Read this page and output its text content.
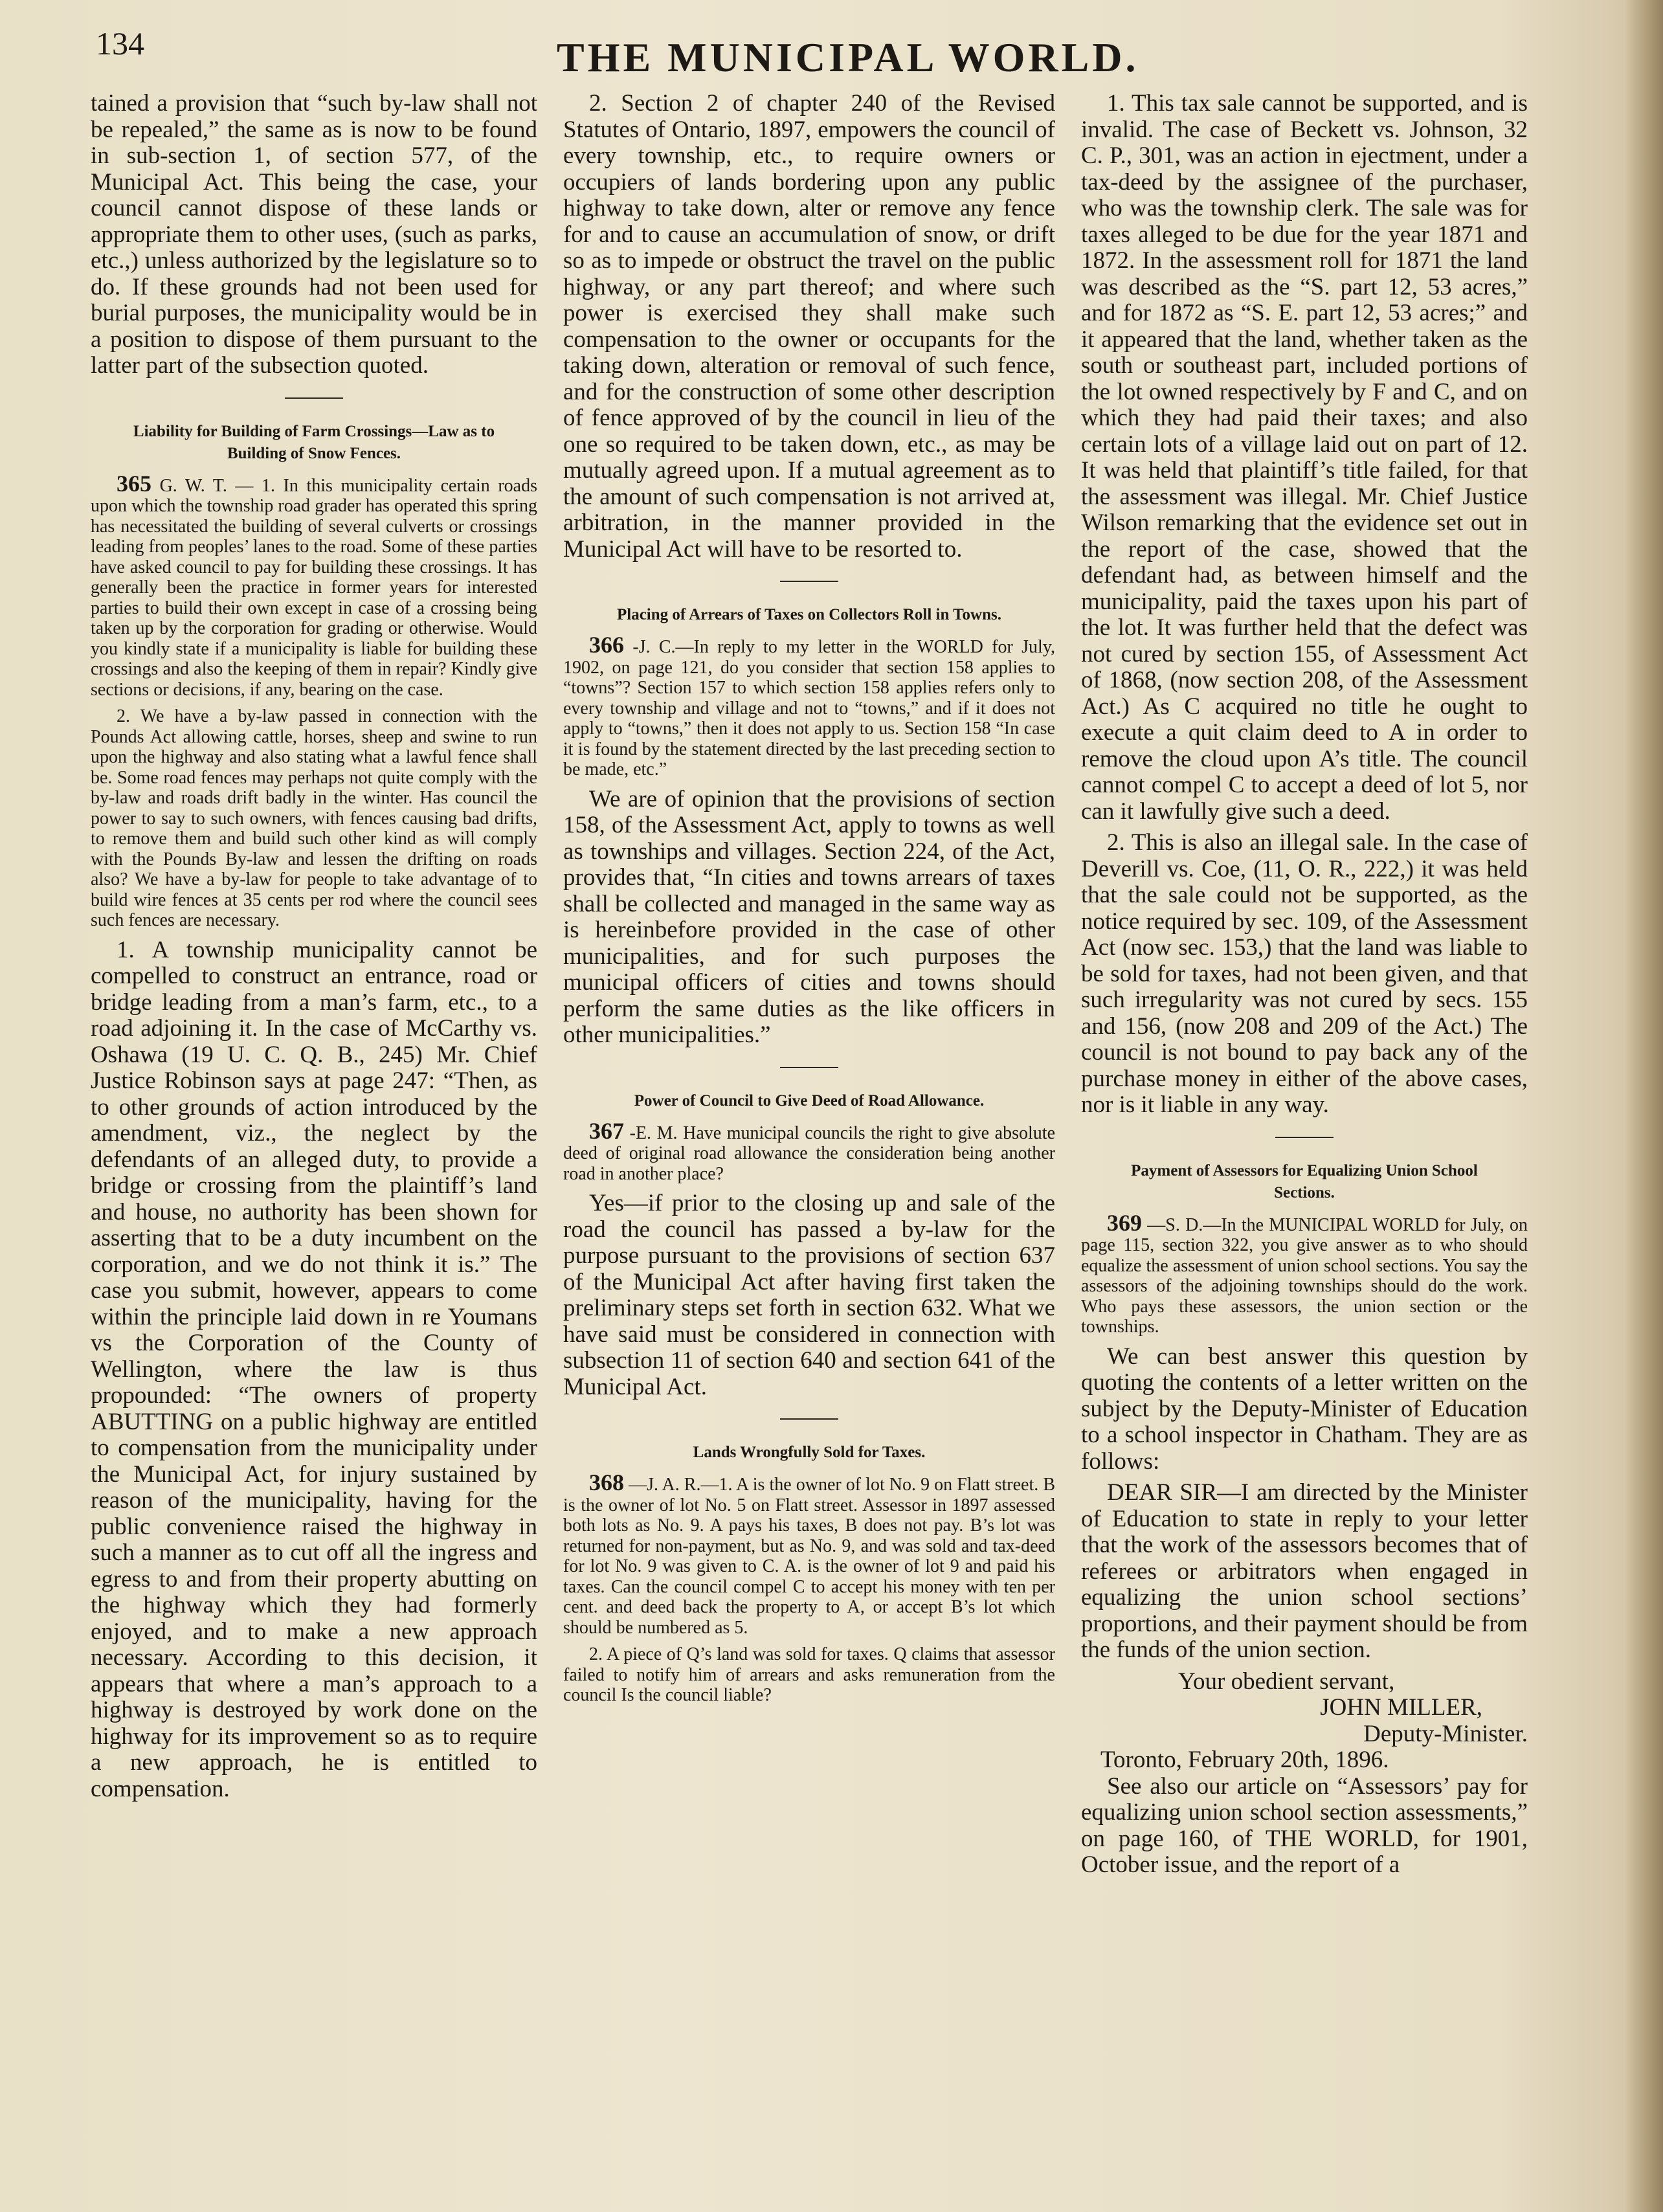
134	THE MUNICIPAL WORLD.

tained a provision that “such by-law shall not be repealed,” the same as is now to be found in sub-section 1, of section 577, of the Municipal Act. This being the case, your council cannot dispose of these lands or appropriate them to other uses, (such as parks, etc.,) unless authorized by the legislature so to do. If these grounds had not been used for burial purposes, the municipality would be in a position to dispose of them pursuant to the latter part of the subsection quoted.

Liability for Building of Farm Crossings—Law as to Building of Snow Fences.

365 G. W. T. — 1. In this municipality certain roads upon which the township road grader has operated this spring has necessitated the building of several culverts or crossings leading from peoples’ lanes to the road. Some of these parties have asked council to pay for building these crossings. It has generally been the practice in former years for interested parties to build their own except in case of a crossing being taken up by the corporation for grading or otherwise. Would you kindly state if a municipality is liable for building these crossings and also the keeping of them in repair? Kindly give sections or decisions, if any, bearing on the case.

2. We have a by-law passed in connection with the Pounds Act allowing cattle, horses, sheep and swine to run upon the highway and also stating what a lawful fence shall be. Some road fences may perhaps not quite comply with the by-law and roads drift badly in the winter. Has council the power to say to such owners, with fences causing bad drifts, to remove them and build such other kind as will comply with the Pounds By-law and lessen the drifting on roads also? We have a by-law for people to take advantage of to build wire fences at 35 cents per rod where the council sees such fences are necessary.

1. A township municipality cannot be compelled to construct an entrance, road or bridge leading from a man’s farm, etc., to a road adjoining it. In the case of McCarthy vs. Oshawa (19 U. C. Q. B., 245) Mr. Chief Justice Robinson says at page 247: “Then, as to other grounds of action introduced by the amendment, viz., the neglect by the defendants of an alleged duty, to provide a bridge or crossing from the plaintiff’s land and house, no authority has been shown for asserting that to be a duty incumbent on the corporation, and we do not think it is.” The case you submit, however, appears to come within the principle laid down in re Youmans vs the Corporation of the County of Wellington, where the law is thus propounded: “The owners of property ABUTTING on a public highway are entitled to compensation from the municipality under the Municipal Act, for injury sustained by reason of the municipality, having for the public convenience raised the highway in such a manner as to cut off all the ingress and egress to and from their property abutting on the highway which they had formerly enjoyed, and to make a new approach necessary. According to this decision, it appears that where a man’s approach to a highway is destroyed by work done on the highway for its improvement so as to require a new approach, he is entitled to compensation.

2. Section 2 of chapter 240 of the Revised Statutes of Ontario, 1897, empowers the council of every township, etc., to require owners or occupiers of lands bordering upon any public highway to take down, alter or remove any fence for and to cause an accumulation of snow, or drift so as to impede or obstruct the travel on the public highway, or any part thereof; and where such power is exercised they shall make such compensation to the owner or occupants for the taking down, alteration or removal of such fence, and for the construction of some other description of fence approved of by the council in lieu of the one so required to be taken down, etc., as may be mutually agreed upon. If a mutual agreement as to the amount of such compensation is not arrived at, arbitration, in the manner provided in the Municipal Act will have to be resorted to.

Placing of Arrears of Taxes on Collectors Roll in Towns.

366 -J. C.—In reply to my letter in the WORLD for July, 1902, on page 121, do you consider that section 158 applies to “towns”? Section 157 to which section 158 applies refers only to every township and village and not to “towns,” and if it does not apply to “towns,” then it does not apply to us. Section 158 “In case it is found by the statement directed by the last preceding section to be made, etc.”

We are of opinion that the provisions of section 158, of the Assessment Act, apply to towns as well as townships and villages. Section 224, of the Act, provides that, “In cities and towns arrears of taxes shall be collected and managed in the same way as is hereinbefore provided in the case of other municipalities, and for such purposes the municipal officers of cities and towns should perform the same duties as the like officers in other municipalities.”

Power of Council to Give Deed of Road Allowance.

367 -E. M. Have municipal councils the right to give absolute deed of original road allowance the consideration being another road in another place?

Yes—if prior to the closing up and sale of the road the council has passed a by-law for the purpose pursuant to the provisions of section 637 of the Municipal Act after having first taken the preliminary steps set forth in section 632. What we have said must be considered in connection with subsection 11 of section 640 and section 641 of the Municipal Act.

Lands Wrongfully Sold for Taxes.

368 —J. A. R.—1. A is the owner of lot No. 9 on Flatt street. B is the owner of lot No. 5 on Flatt street. Assessor in 1897 assessed both lots as No. 9. A pays his taxes, B does not pay. B’s lot was returned for non-payment, but as No. 9, and was sold and tax-deed for lot No. 9 was given to C. A. is the owner of lot 9 and paid his taxes. Can the council compel C to accept his money with ten per cent. and deed back the property to A, or accept B’s lot which should be numbered as 5.

2. A piece of Q’s land was sold for taxes. Q claims that assessor failed to notify him of arrears and asks remuneration from the council Is the council liable?

1. This tax sale cannot be supported, and is invalid. The case of Beckett vs. Johnson, 32 C. P., 301, was an action in ejectment, under a tax-deed by the assignee of the purchaser, who was the township clerk. The sale was for taxes alleged to be due for the year 1871 and 1872. In the assessment roll for 1871 the land was described as the “S. part 12, 53 acres,” and for 1872 as “S. E. part 12, 53 acres;” and it appeared that the land, whether taken as the south or southeast part, included portions of the lot owned respectively by F and C, and on which they had paid their taxes; and also certain lots of a village laid out on part of 12. It was held that plaintiff’s title failed, for that the assessment was illegal. Mr. Chief Justice Wilson remarking that the evidence set out in the report of the case, showed that the defendant had, as between himself and the municipality, paid the taxes upon his part of the lot. It was further held that the defect was not cured by section 155, of Assessment Act of 1868, (now section 208, of the Assessment Act.) As C acquired no title he ought to execute a quit claim deed to A in order to remove the cloud upon A’s title. The council cannot compel C to accept a deed of lot 5, nor can it lawfully give such a deed.

2. This is also an illegal sale. In the case of Deverill vs. Coe, (11, O. R., 222,) it was held that the sale could not be supported, as the notice required by sec. 109, of the Assessment Act (now sec. 153,) that the land was liable to be sold for taxes, had not been given, and that such irregularity was not cured by secs. 155 and 156, (now 208 and 209 of the Act.) The council is not bound to pay back any of the purchase money in either of the above cases, nor is it liable in any way.

Payment of Assessors for Equalizing Union School Sections.

369 —S. D.—In the MUNICIPAL WORLD for July, on page 115, section 322, you give answer as to who should equalize the assessment of union school sections. You say the assessors of the adjoining townships should do the work. Who pays these assessors, the union section or the townships.

We can best answer this question by quoting the contents of a letter written on the subject by the Deputy-Minister of Education to a school inspector in Chatham. They are as follows:

DEAR SIR—I am directed by the Minister of Education to state in reply to your letter that the work of the assessors becomes that of referees or arbitrators when engaged in equalizing the union school sections’ proportions, and their payment should be from the funds of the union section.

Your obedient servant,

JOHN MILLER,

Deputy-Minister.

Toronto, February 20th, 1896.

See also our article on “Assessors’ pay for equalizing union school section assessments,” on page 160, of THE WORLD, for 1901, October issue, and the report of a
